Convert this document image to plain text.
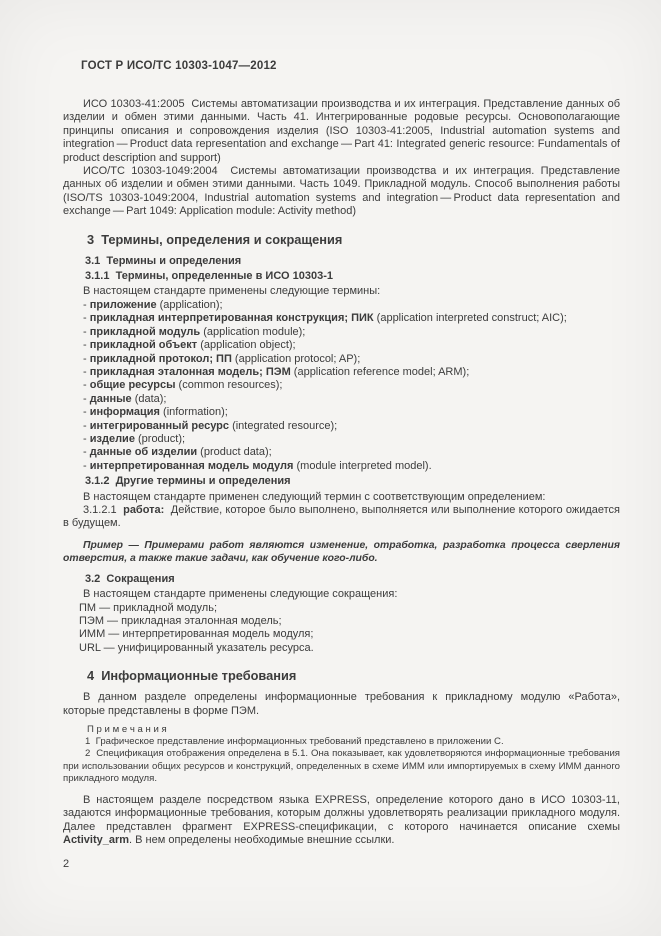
ГОСТ Р ИСО/ТС 10303-1047—2012
ИСО 10303-41:2005  Системы автоматизации производства и их интеграция. Представление данных об изделии и обмен этими данными. Часть 41. Интегрированные родовые ресурсы. Основополагающие принципы описания и сопровождения изделия (ISO 10303-41:2005, Industrial automation systems and integration — Product data representation and exchange — Part 41: Integrated generic resource: Fundamentals of product description and support)
ИСО/ТС 10303-1049:2004  Системы автоматизации производства и их интеграция. Представление данных об изделии и обмен этими данными. Часть 1049. Прикладной модуль. Способ выполнения работы (ISO/TS 10303-1049:2004, Industrial automation systems and integration — Product data representation and exchange — Part 1049: Application module: Activity method)
3  Термины, определения и сокращения
3.1  Термины и определения
3.1.1  Термины, определенные в ИСО 10303-1
В настоящем стандарте применены следующие термины:
- приложение (application);
- прикладная интерпретированная конструкция; ПИК (application interpreted construct; AIC);
- прикладной модуль (application module);
- прикладной объект (application object);
- прикладной протокол; ПП (application protocol; AP);
- прикладная эталонная модель; ПЭМ (application reference model; ARM);
- общие ресурсы (common resources);
- данные (data);
- информация (information);
- интегрированный ресурс (integrated resource);
- изделие (product);
- данные об изделии (product data);
- интерпретированная модель модуля (module interpreted model).
3.1.2  Другие термины и определения
В настоящем стандарте применен следующий термин с соответствующим определением:
3.1.2.1  работа:  Действие, которое было выполнено, выполняется или выполнение которого ожидается в будущем.
Пример — Примерами работ являются изменение, отработка, разработка процесса сверления отверстия, а также такие задачи, как обучение кого-либо.
3.2  Сокращения
В настоящем стандарте применены следующие сокращения:
ПМ — прикладной модуль;
ПЭМ — прикладная эталонная модель;
ИММ — интерпретированная модель модуля;
URL — унифицированный указатель ресурса.
4  Информационные требования
В данном разделе определены информационные требования к прикладному модулю «Работа», которые представлены в форме ПЭМ.
П р и м е ч а н и я
1  Графическое представление информационных требований представлено в приложении С.
2  Спецификация отображения определена в 5.1. Она показывает, как удовлетворяются информационные требования при использовании общих ресурсов и конструкций, определенных в схеме ИММ или импортируемых в схему ИММ данного прикладного модуля.
В настоящем разделе посредством языка EXPRESS, определение которого дано в ИСО 10303-11, задаются информационные требования, которым должны удовлетворять реализации прикладного модуля. Далее представлен фрагмент EXPRESS-спецификации, с которого начинается описание схемы Activity_arm. В нем определены необходимые внешние ссылки.
2
